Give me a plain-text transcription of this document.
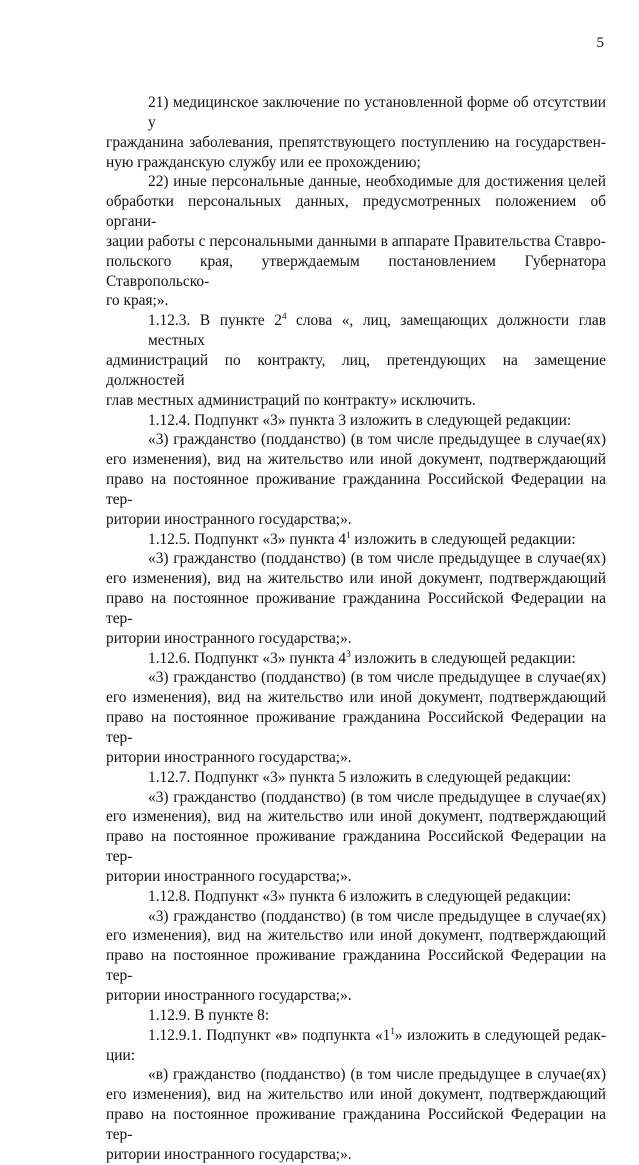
5
21) медицинское заключение по установленной форме об отсутствии у
гражданина заболевания, препятствующего поступлению на государствен-
ную гражданскую службу или ее прохождению;
22) иные персональные данные, необходимые для достижения целей
обработки персональных данных, предусмотренных положением об органи-
зации работы с персональными данными в аппарате Правительства Ставро-
польского края, утверждаемым постановлением Губернатора Ставропольско-
го края;».
1.12.3. В пункте $2^4$ слова «, лиц, замещающих должности глав местных
администраций по контракту, лиц, претендующих на замещение должностей
глав местных администраций по контракту» исключить.
1.12.4. Подпункт «3» пункта 3 изложить в следующей редакции:
«3) гражданство (подданство) (в том числе предыдущее в случае(ях)
его изменения), вид на жительство или иной документ, подтверждающий
право на постоянное проживание гражданина Российской Федерации на тер-
ритории иностранного государства;».
1.12.5. Подпункт «3» пункта $4^1$ изложить в следующей редакции:
«3) гражданство (подданство) (в том числе предыдущее в случае(ях)
его изменения), вид на жительство или иной документ, подтверждающий
право на постоянное проживание гражданина Российской Федерации на тер-
ритории иностранного государства;».
1.12.6. Подпункт «3» пункта $4^3$ изложить в следующей редакции:
«3) гражданство (подданство) (в том числе предыдущее в случае(ях)
его изменения), вид на жительство или иной документ, подтверждающий
право на постоянное проживание гражданина Российской Федерации на тер-
ритории иностранного государства;».
1.12.7. Подпункт «3» пункта 5 изложить в следующей редакции:
«3) гражданство (подданство) (в том числе предыдущее в случае(ях)
его изменения), вид на жительство или иной документ, подтверждающий
право на постоянное проживание гражданина Российской Федерации на тер-
ритории иностранного государства;».
1.12.8. Подпункт «3» пункта 6 изложить в следующей редакции:
«3) гражданство (подданство) (в том числе предыдущее в случае(ях)
его изменения), вид на жительство или иной документ, подтверждающий
право на постоянное проживание гражданина Российской Федерации на тер-
ритории иностранного государства;».
1.12.9. В пункте 8:
1.12.9.1. Подпункт «в» подпункта «$1^1$» изложить в следующей редак-
ции:
«в) гражданство (подданство) (в том числе предыдущее в случае(ях)
его изменения), вид на жительство или иной документ, подтверждающий
право на постоянное проживание гражданина Российской Федерации на тер-
ритории иностранного государства;».
